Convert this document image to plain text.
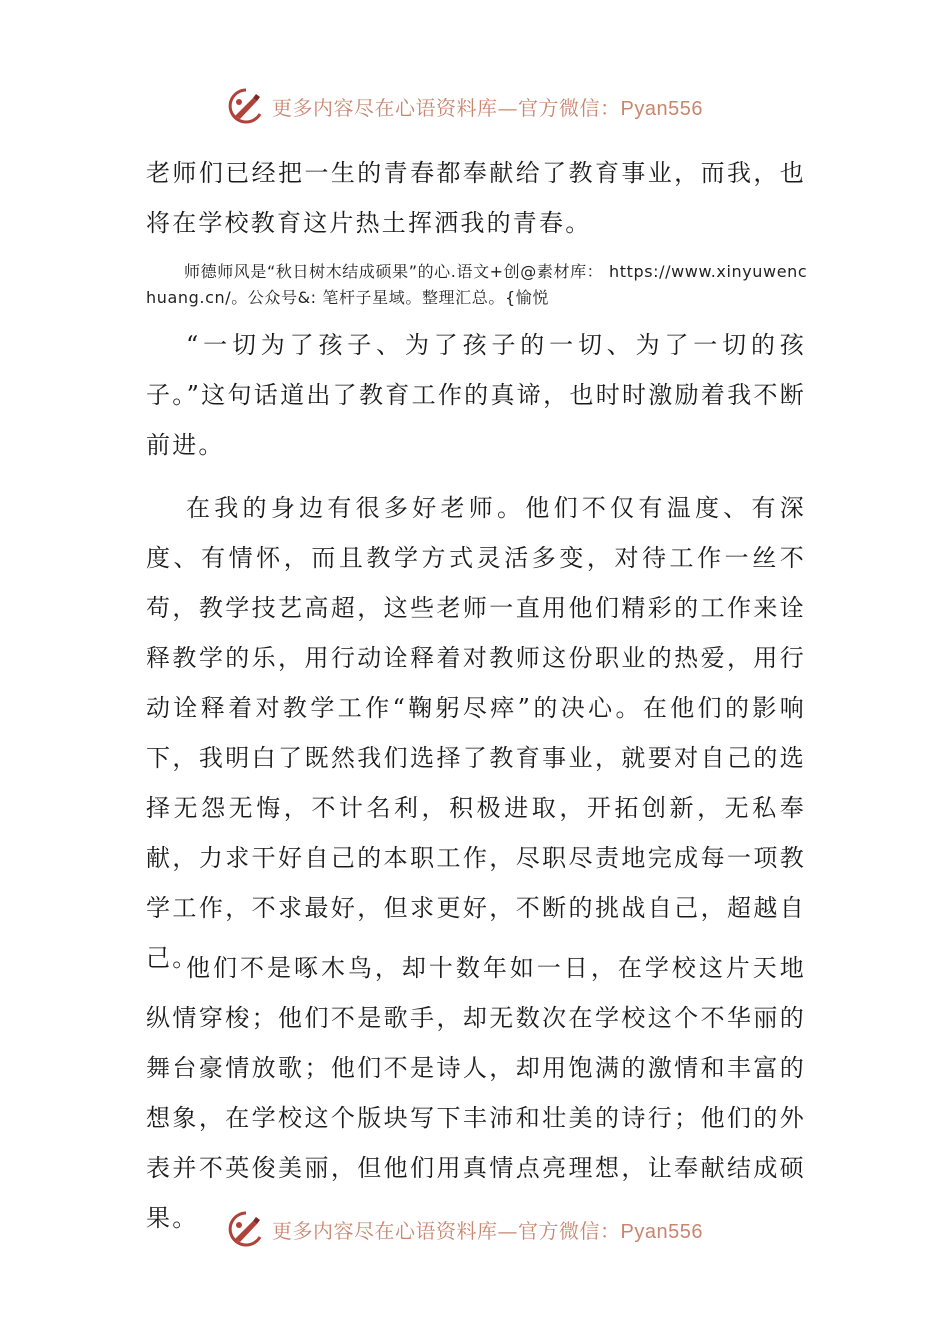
更多内容尽在心语资料库—官方微信：Pyan556

老师们已经把一生的青春都奉献给了教育事业，而我，也将在学校教育这片热土挥洒我的青春。

师德师风是“秋日树木结成硕果”的心.语文+创@素材库： https://www.xinyuwenchuang.cn/。公众号&: 笔杆子星域。整理汇总。{愉悦

“一切为了孩子、为了孩子的一切、为了一切的孩子。”这句话道出了教育工作的真谛，也时时激励着我不断前进。

在我的身边有很多好老师。他们不仅有温度、有深度、有情怀，而且教学方式灵活多变，对待工作一丝不苟，教学技艺高超，这些老师一直用他们精彩的工作来诠释教学的乐，用行动诠释着对教师这份职业的热爱，用行动诠释着对教学工作“鞠躬尽瘁”的决心。在他们的影响下，我明白了既然我们选择了教育事业，就要对自己的选择无怨无悔，不计名利，积极进取，开拓创新，无私奉献，力求干好自己的本职工作，尽职尽责地完成每一项教学工作，不求最好，但求更好，不断的挑战自己，超越自己。

他们不是啄木鸟，却十数年如一日，在学校这片天地纵情穿梭；他们不是歌手，却无数次在学校这个不华丽的舞台豪情放歌；他们不是诗人，却用饱满的激情和丰富的想象，在学校这个版块写下丰沛和壮美的诗行；他们的外表并不英俊美丽，但他们用真情点亮理想，让奉献结成硕果。	更多内容尽在心语资料库—官方微信：Pyan556
